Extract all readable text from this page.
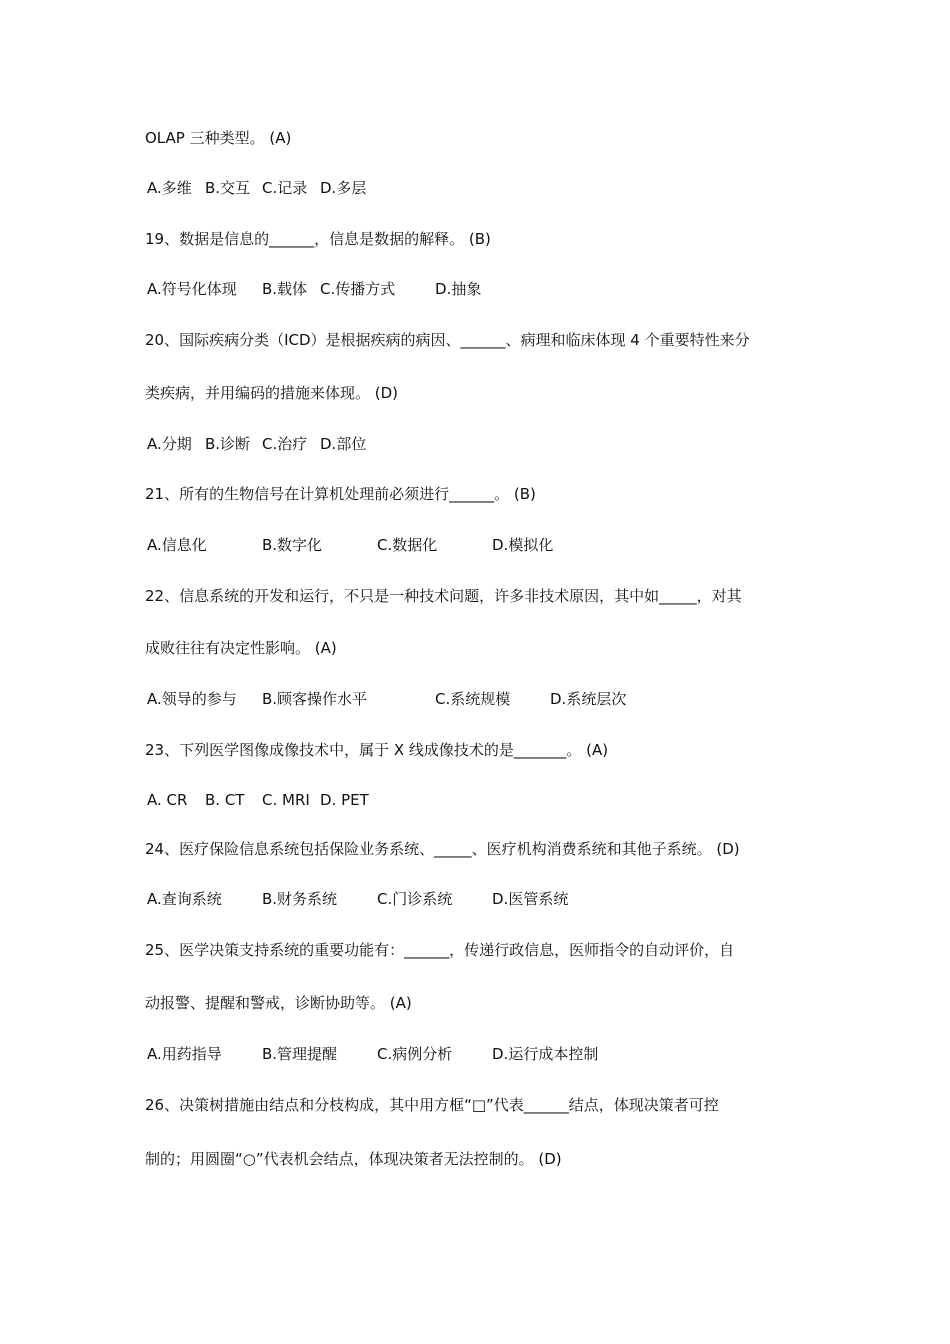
OLAP 三种类型。 (A)
A.多维 B.交互 C.记录 D.多层
19、数据是信息的______，信息是数据的解释。 (B)
A.符号化体现 B.载体 C.传播方式	D.抽象
20、国际疾病分类（ICD）是根据疾病的病因、______、病理和临床体现 4 个重要特性来分
类疾病，并用编码的措施来体现。 (D)
A.分期 B.诊断 C.治疗 D.部位
21、所有的生物信号在计算机处理前必须进行______。 (B)
A.信息化	B.数字化	C.数据化	D.模拟化
22、信息系统的开发和运行，不只是一种技术问题，许多非技术原因，其中如_____，对其
成败往往有决定性影响。 (A)
A.领导的参与 B.顾客操作水平	C.系统规模	D.系统层次
23、下列医学图像成像技术中，属于 X 线成像技术的是_______。 (A)
A. CR B. CT C. MRI D. PET
24、医疗保险信息系统包括保险业务系统、_____、医疗机构消费系统和其他子系统。 (D)
A.查询系统	B.财务系统	C.门诊系统	D.医管系统
25、医学决策支持系统的重要功能有：______，传递行政信息，医师指令的自动评价，自
动报警、提醒和警戒，诊断协助等。 (A)
A.用药指导	B.管理提醒	C.病例分析	D.运行成本控制
26、决策树措施由结点和分枝构成，其中用方框“□”代表______结点，体现决策者可控
制的；用圆圈“○”代表机会结点，体现决策者无法控制的。 (D)
